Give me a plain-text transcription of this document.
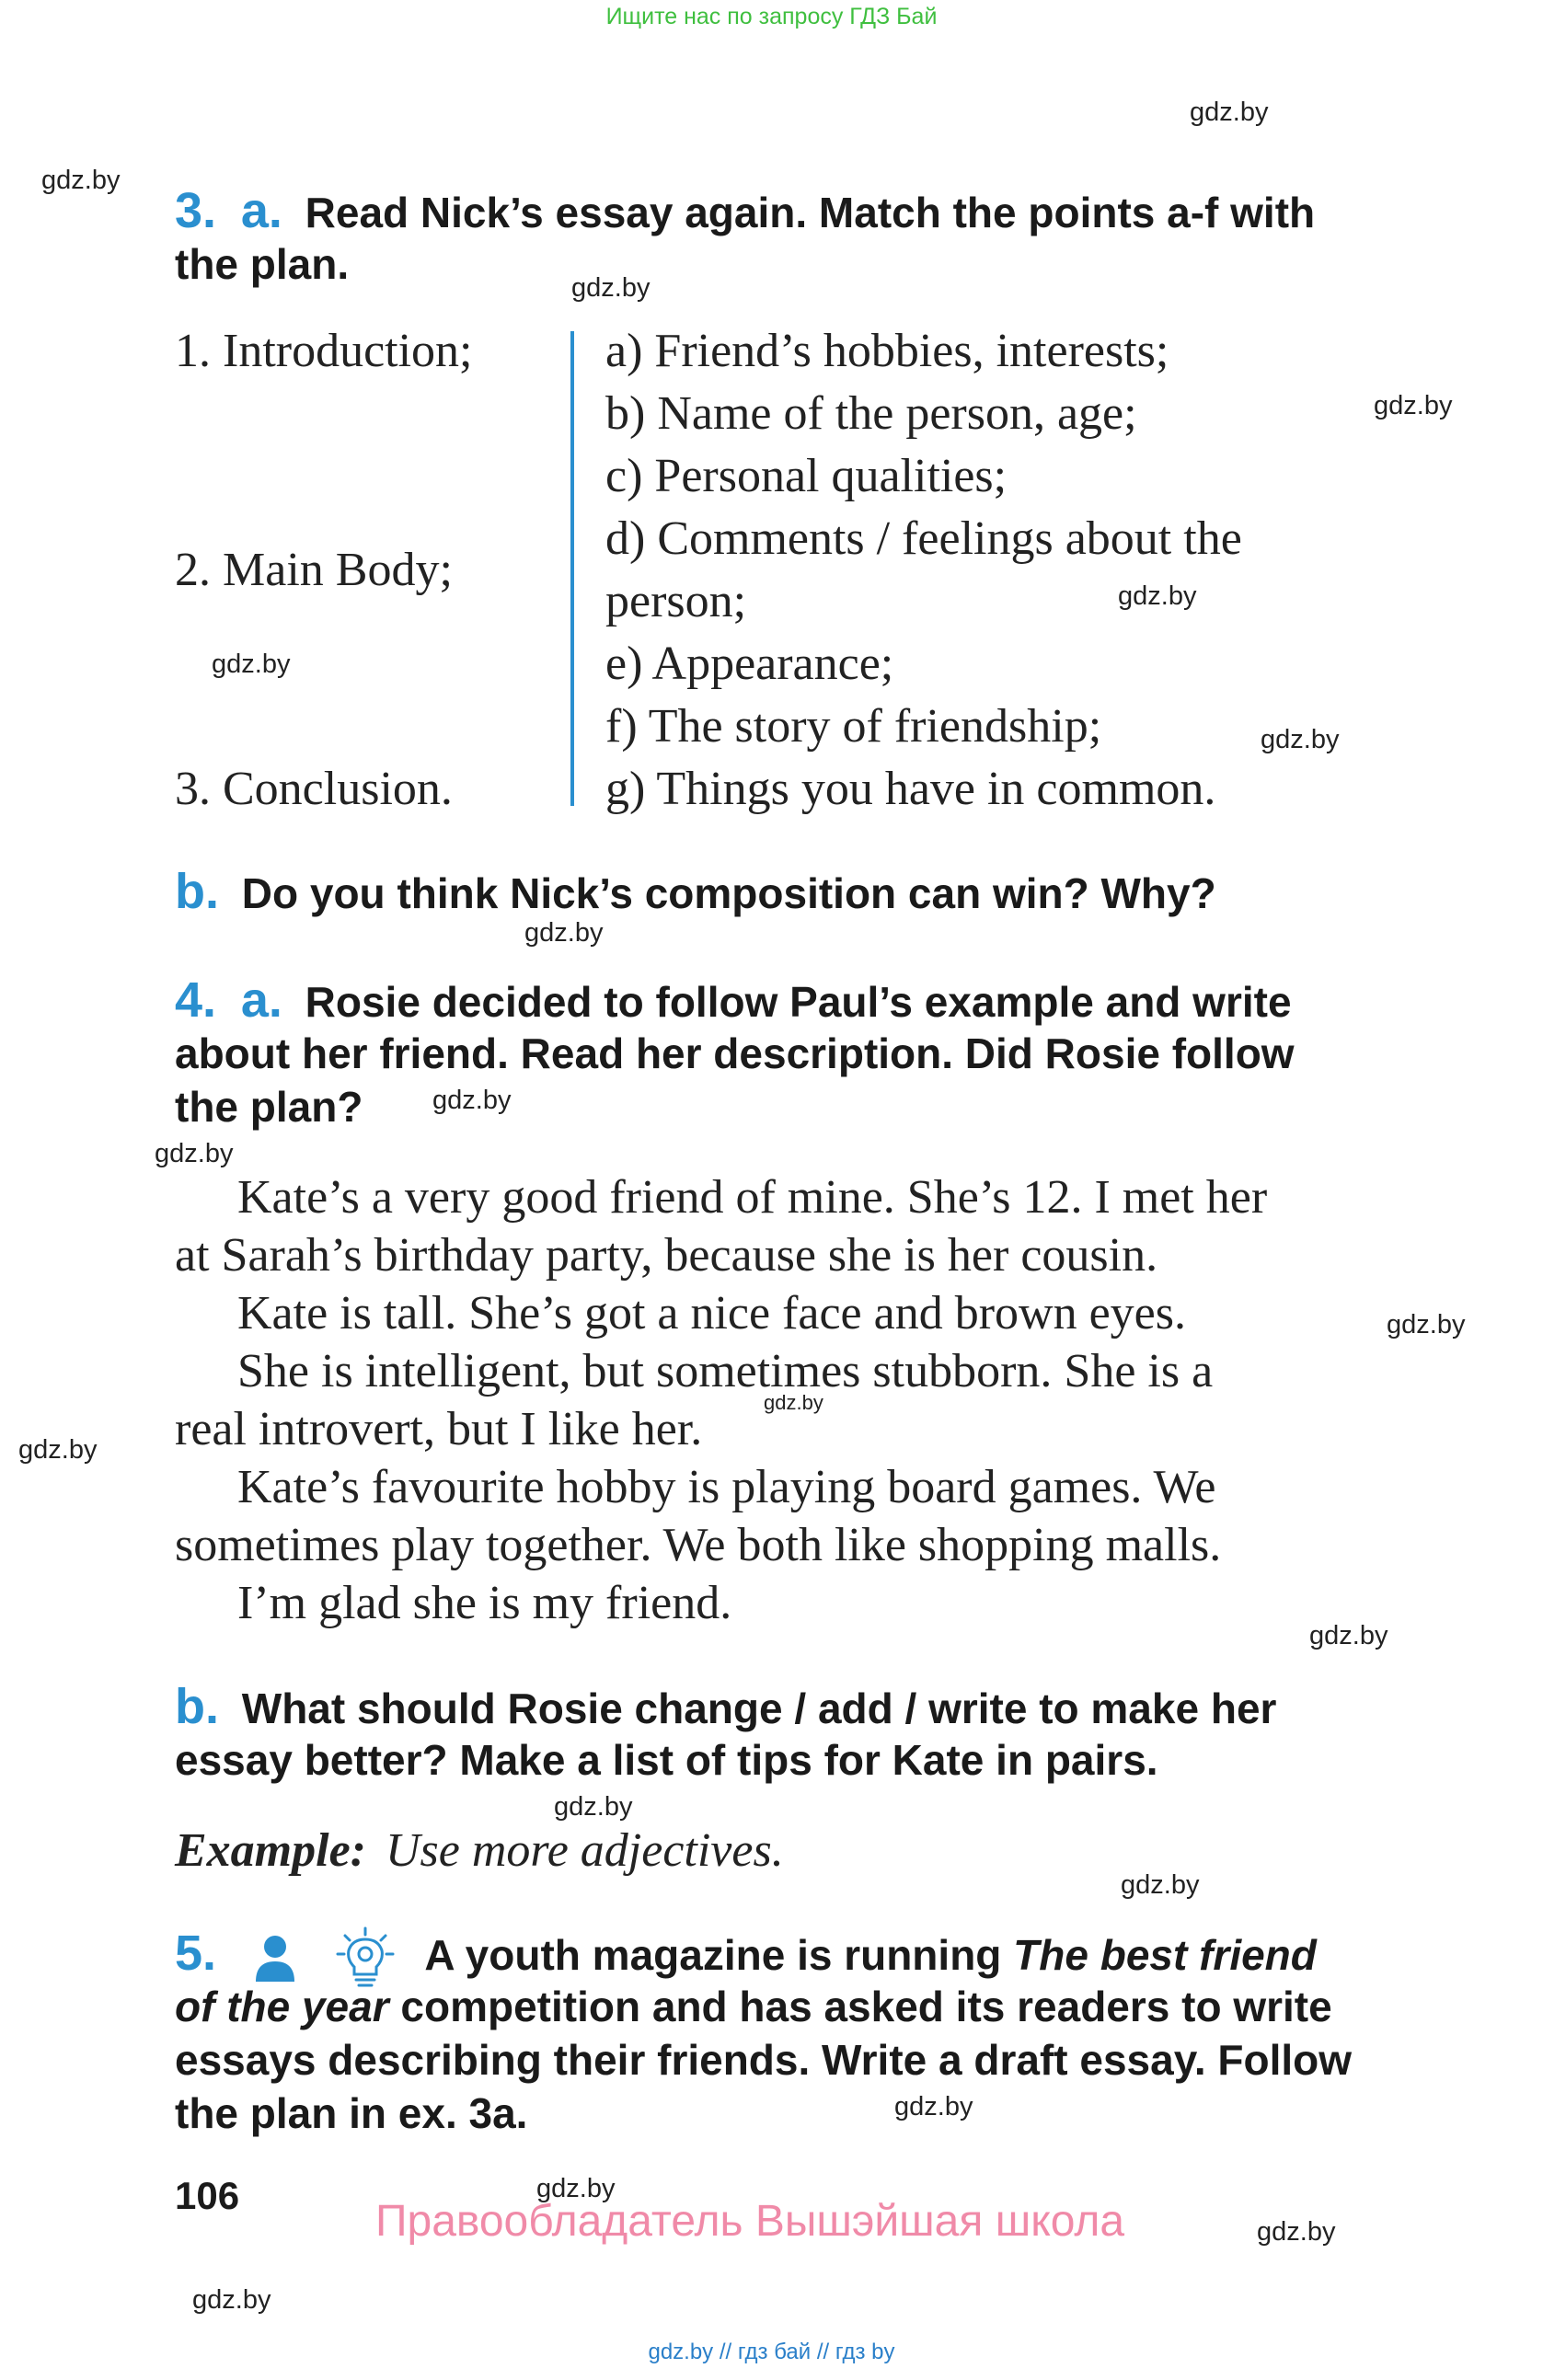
Ищите нас по запросу ГДЗ Бай
gdz.by
gdz.by
gdz.by
gdz.by
gdz.by
gdz.by
gdz.by
gdz.by
gdz.by
gdz.by
gdz.by
gdz.by
gdz.by
gdz.by
gdz.by
gdz.by
gdz.by
gdz.by
gdz.by
gdz.by
3. a. Read Nick’s essay again. Match the points a-f with
the plan.
1. Introduction;
2. Main Body;
3. Conclusion.
a) Friend’s hobbies, interests;
b) Name of the person, age;
c) Personal qualities;
d) Comments / feelings about the
person;
e) Appearance;
f) The story of friendship;
g) Things you have in common.
b. Do you think Nick’s composition can win? Why?
4. a. Rosie decided to follow Paul’s example and write
about her friend. Read her description. Did Rosie follow
the plan?
Kate’s a very good friend of mine. She’s 12. I met her
at Sarah’s birthday party, because she is her cousin.
Kate is tall. She’s got a nice face and brown eyes.
She is intelligent, but sometimes stubborn. She is a
real introvert, but I like her.
Kate’s favourite hobby is playing board games. We
sometimes play together. We both like shopping malls.
I’m glad she is my friend.
b. What should Rosie change / add / write to make her
essay better? Make a list of tips for Kate in pairs.
Example: Use more adjectives.
5.	A youth magazine is running The best friend
of the year competition and has asked its readers to write
essays describing their friends. Write a draft essay. Follow
the plan in ex. 3a.
106
Правообладатель Вышэйшая школа
gdz.by // гдз бай // гдз by
